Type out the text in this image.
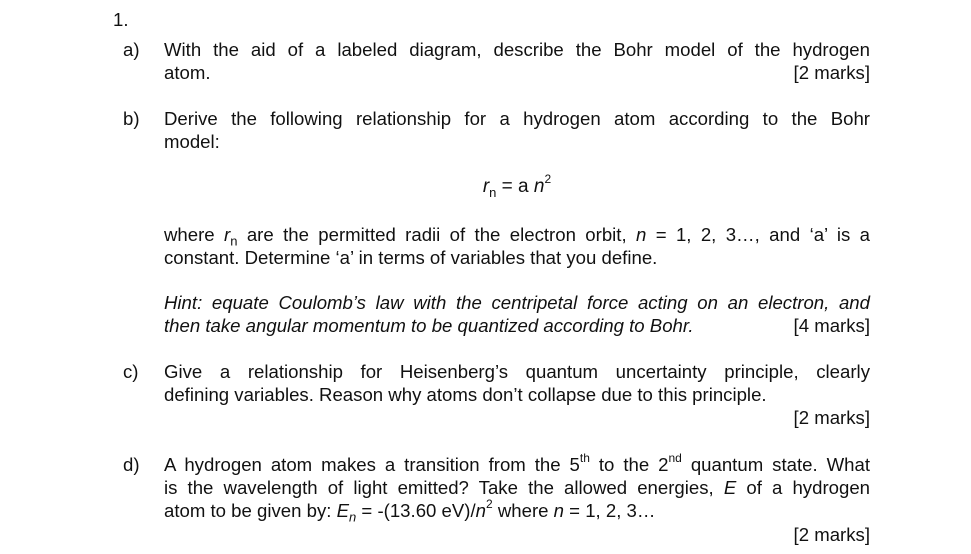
1.
a) With the aid of a labeled diagram, describe the Bohr model of the hydrogen
atom.	[2 marks]
b) Derive the following relationship for a hydrogen atom according to the Bohr
model:
$r_n = a$ $n^2$
where $r_n$ are the permitted radii of the electron orbit, n = 1, 2, 3…, and ‘a’ is a
constant. Determine ‘a’ in terms of variables that you define.
Hint: equate Coulomb’s law with the centripetal force acting on an electron, and
then take angular momentum to be quantized according to Bohr.	[4 marks]
c) Give a relationship for Heisenberg’s quantum uncertainty principle, clearly
defining variables. Reason why atoms don’t collapse due to this principle.
[2 marks]
d) A hydrogen atom makes a transition from the 5th to the 2nd quantum state. What
is the wavelength of light emitted? Take the allowed energies, E of a hydrogen
atom to be given by: $E_n = -(13.60$ $eV)/n^2$ where n = 1, 2, 3…
[2 marks]
